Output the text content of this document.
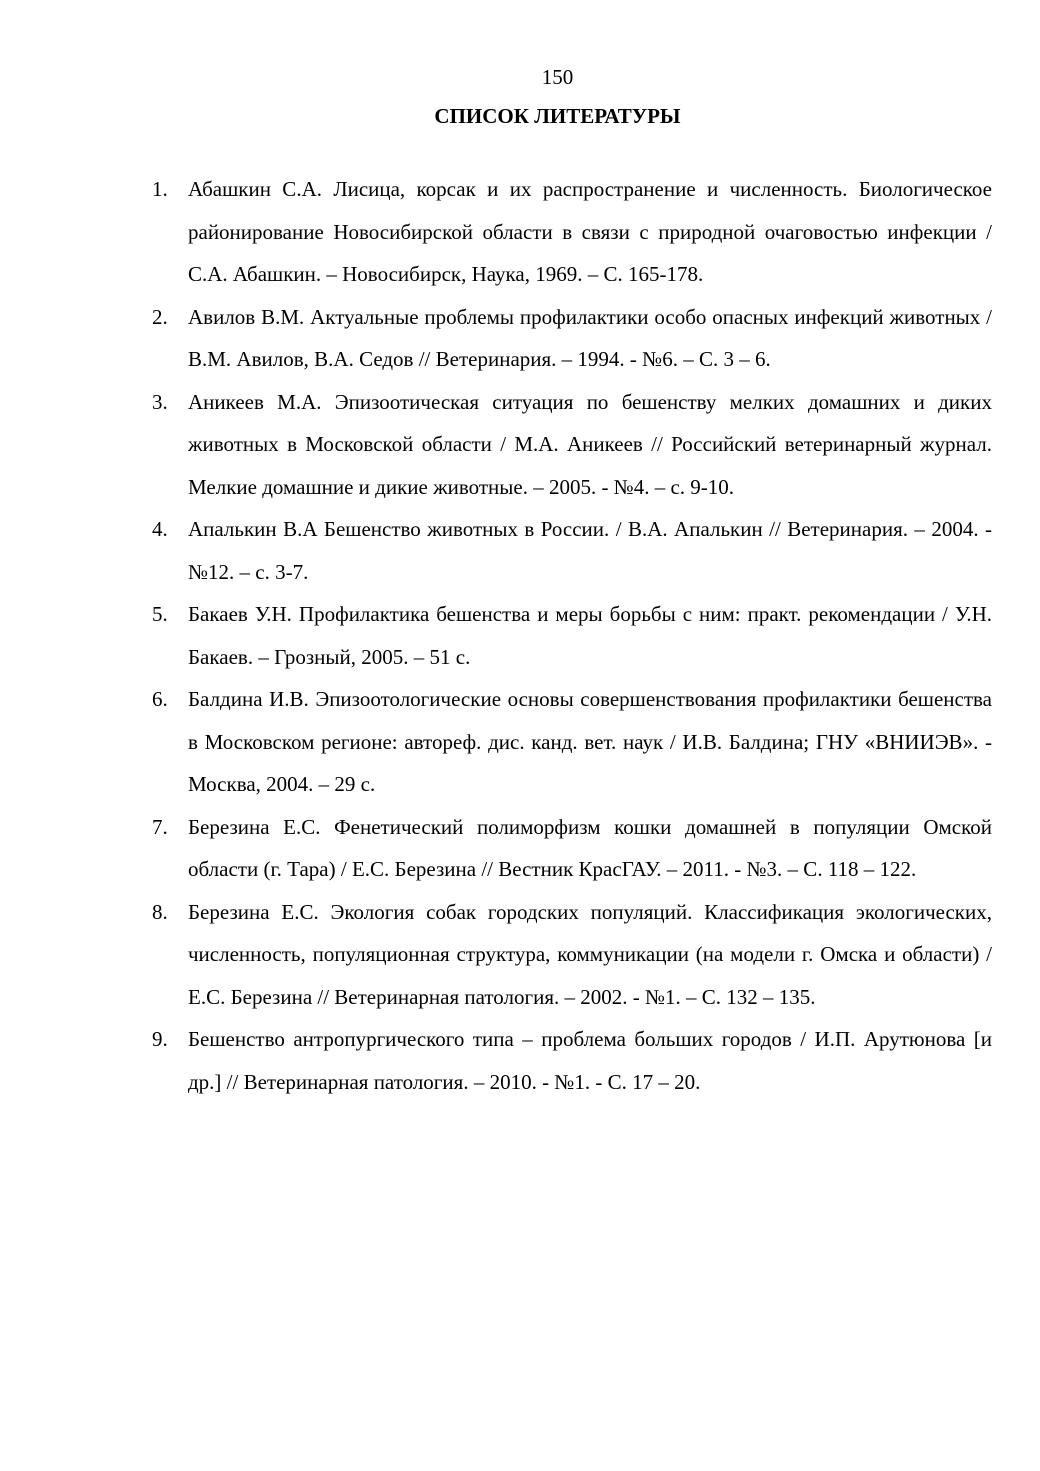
150
СПИСОК ЛИТЕРАТУРЫ
1. Абашкин С.А. Лисица, корсак и их распространение и численность. Биологическое районирование Новосибирской области в связи с природной очаговостью инфекции /С.А. Абашкин. – Новосибирск, Наука, 1969. – С. 165-178.
2. Авилов В.М. Актуальные проблемы профилактики особо опасных инфекций животных / В.М. Авилов, В.А. Седов // Ветеринария. – 1994. - №6. – С. 3 – 6.
3. Аникеев М.А. Эпизоотическая ситуация по бешенству мелких домашних и диких животных в Московской области / М.А. Аникеев // Российский ветеринарный журнал. Мелкие домашние и дикие животные. – 2005. - №4. – с. 9-10.
4. Апалькин В.А Бешенство животных в России. / В.А. Апалькин // Ветеринария. – 2004. - №12. – с. 3-7.
5. Бакаев У.Н. Профилактика бешенства и меры борьбы с ним: практ. рекомендации / У.Н. Бакаев. – Грозный, 2005. – 51 с.
6. Балдина И.В. Эпизоотологические основы совершенствования профилактики бешенства в Московском регионе: автореф. дис. канд. вет. наук / И.В. Балдина; ГНУ «ВНИИЭВ». - Москва, 2004. – 29 с.
7. Березина Е.С. Фенетический полиморфизм кошки домашней в популяции Омской области (г. Тара) / Е.С. Березина // Вестник КрасГАУ. – 2011. - №3. – С. 118 – 122.
8. Березина Е.С. Экология собак городских популяций. Классификация экологических, численность, популяционная структура, коммуникации (на модели г. Омска и области) / Е.С. Березина // Ветеринарная патология. – 2002. - №1. – С. 132 – 135.
9. Бешенство антропургического типа – проблема больших городов / И.П. Арутюнова [и др.] // Ветеринарная патология. – 2010. - №1. - С. 17 – 20.
